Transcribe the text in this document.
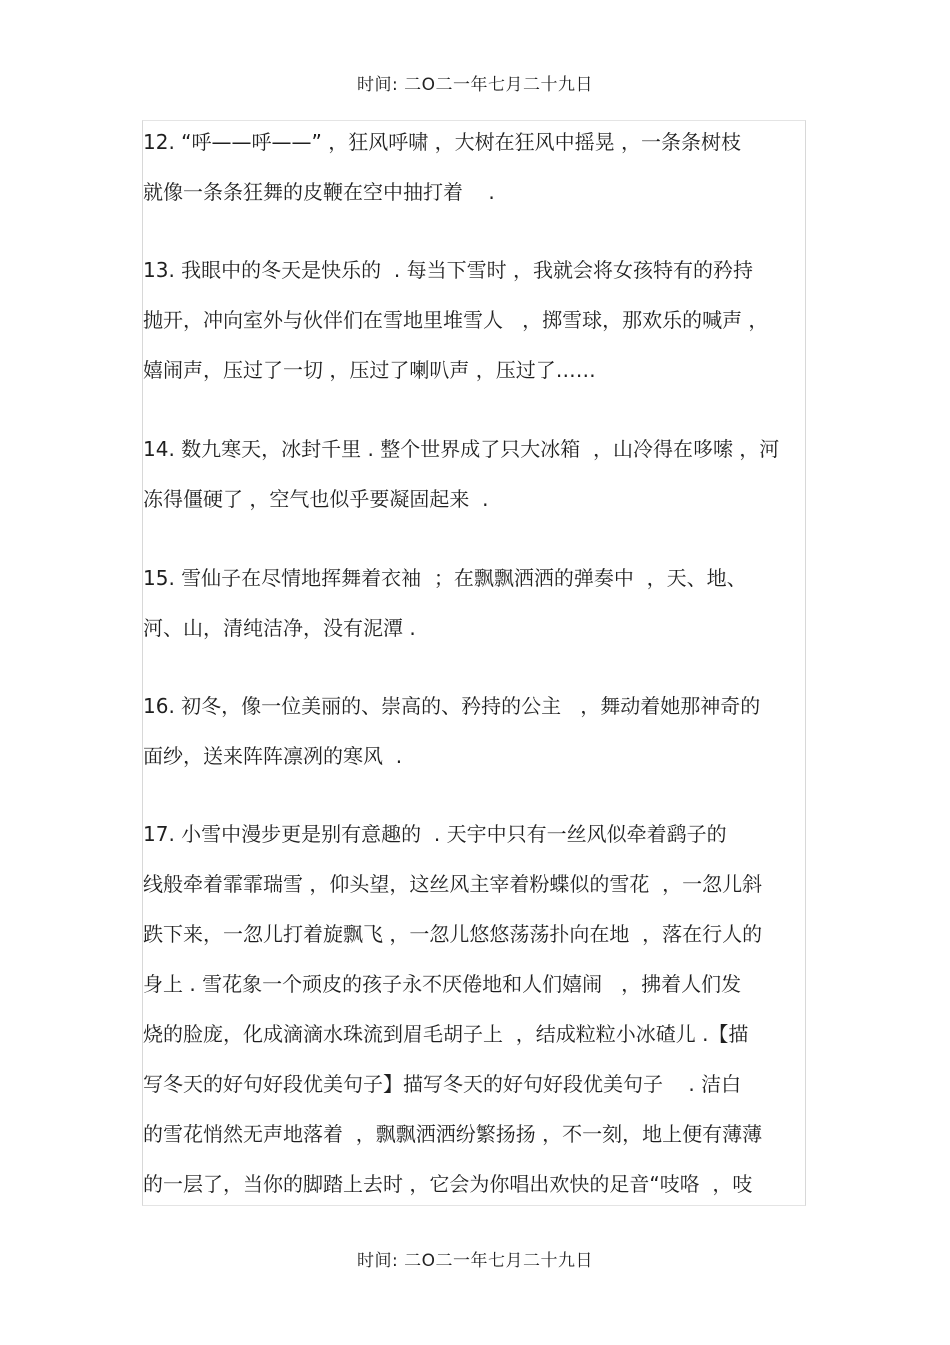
时间: 二O二一年七月二十九日
12. “呼——呼——” ，狂风呼啸 ，大树在狂风中摇晃 ，一条条树枝
就像一条条狂舞的皮鞭在空中抽打着    .
13. 我眼中的冬天是快乐的  . 每当下雪时 ，我就会将女孩特有的矜持
抛开，冲向室外与伙伴们在雪地里堆雪人   ，掷雪球，那欢乐的喊声 ，
嬉闹声，压过了一切 ，压过了喇叭声 ，压过了……
14. 数九寒天，冰封千里 . 整个世界成了只大冰箱  ，山冷得在哆嗦 ，河
冻得僵硬了 ，空气也似乎要凝固起来  .
15. 雪仙子在尽情地挥舞着衣袖  ；在飘飘洒洒的弹奏中  ，天、地、
河、山，清纯洁净，没有泥潭 .
16. 初冬，像一位美丽的、崇高的、矜持的公主   ，舞动着她那神奇的
面纱，送来阵阵凛冽的寒风  .
17. 小雪中漫步更是别有意趣的  . 天宇中只有一丝风似牵着鹞子的
线般牵着霏霏瑞雪 ，仰头望，这丝风主宰着粉蝶似的雪花  ，一忽儿斜
跌下来，一忽儿打着旋飘飞 ，一忽儿悠悠荡荡扑向在地  ，落在行人的
身上 . 雪花象一个顽皮的孩子永不厌倦地和人们嬉闹   ，拂着人们发
烧的脸庞，化成滴滴水珠流到眉毛胡子上  ，结成粒粒小冰碴儿 .【描
写冬天的好句好段优美句子】描写冬天的好句好段优美句子    . 洁白
的雪花悄然无声地落着  ，飘飘洒洒纷繁扬扬 ，不一刻，地上便有薄薄
的一层了，当你的脚踏上去时 ，它会为你唱出欢快的足音“吱咯  ，吱
时间: 二O二一年七月二十九日
